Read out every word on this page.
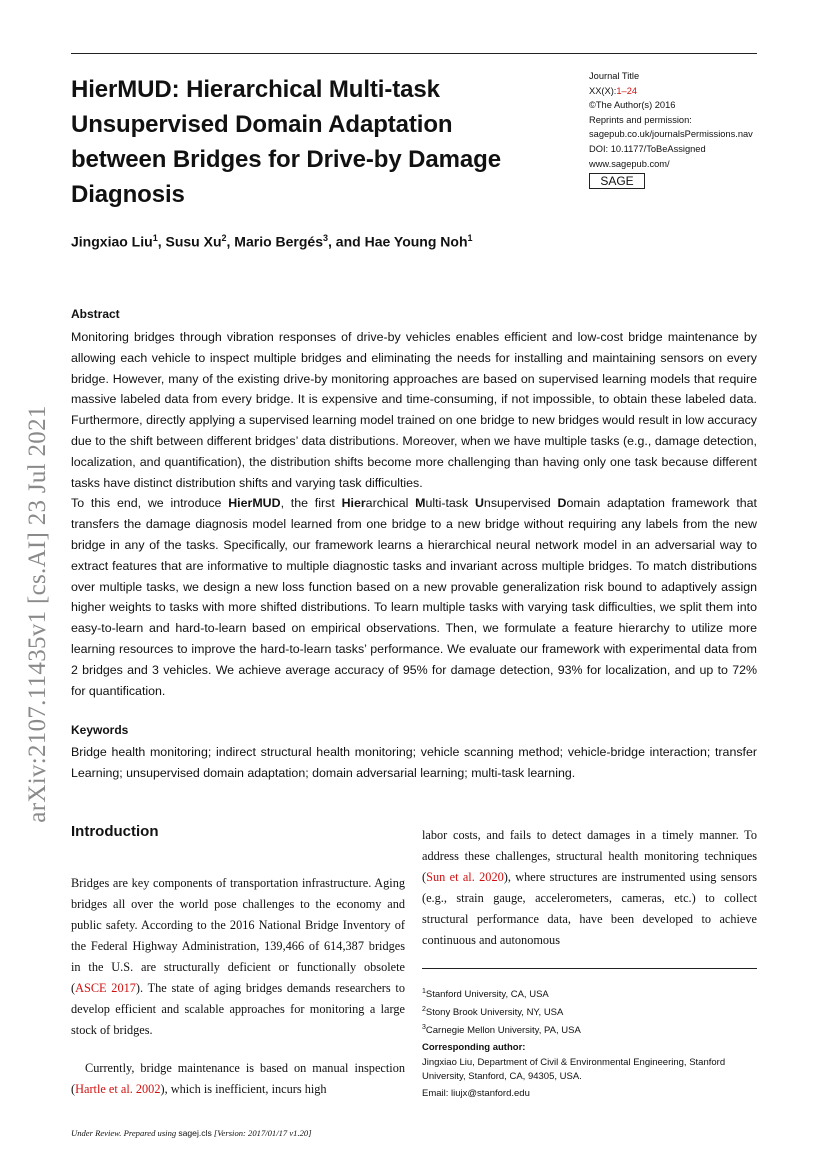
HierMUD: Hierarchical Multi-task Unsupervised Domain Adaptation between Bridges for Drive-by Damage Diagnosis
Journal Title
XX(X):1–24
©The Author(s) 2016
Reprints and permission:
sagepub.co.uk/journalsPermissions.nav
DOI: 10.1177/ToBeAssigned
www.sagepub.com/
SAGE
Jingxiao Liu$^1$, Susu Xu$^2$, Mario Bergés$^3$, and Hae Young Noh$^1$
arXiv:2107.11435v1 [cs.AI] 23 Jul 2021
Abstract

Monitoring bridges through vibration responses of drive-by vehicles enables efficient and low-cost bridge maintenance by allowing each vehicle to inspect multiple bridges and eliminating the needs for installing and maintaining sensors on every bridge. However, many of the existing drive-by monitoring approaches are based on supervised learning models that require massive labeled data from every bridge. It is expensive and time-consuming, if not impossible, to obtain these labeled data. Furthermore, directly applying a supervised learning model trained on one bridge to new bridges would result in low accuracy due to the shift between different bridges’ data distributions. Moreover, when we have multiple tasks (e.g., damage detection, localization, and quantification), the distribution shifts become more challenging than having only one task because different tasks have distinct distribution shifts and varying task difficulties.

To this end, we introduce HierMUD, the first Hierarchical Multi-task Unsupervised Domain adaptation framework that transfers the damage diagnosis model learned from one bridge to a new bridge without requiring any labels from the new bridge in any of the tasks. Specifically, our framework learns a hierarchical neural network model in an adversarial way to extract features that are informative to multiple diagnostic tasks and invariant across multiple bridges. To match distributions over multiple tasks, we design a new loss function based on a new provable generalization risk bound to adaptively assign higher weights to tasks with more shifted distributions. To learn multiple tasks with varying task difficulties, we split them into easy-to-learn and hard-to-learn based on empirical observations. Then, we formulate a feature hierarchy to utilize more learning resources to improve the hard-to-learn tasks’ performance. We evaluate our framework with experimental data from 2 bridges and 3 vehicles. We achieve average accuracy of 95% for damage detection, 93% for localization, and up to 72% for quantification.

Keywords
Bridge health monitoring; indirect structural health monitoring; vehicle scanning method; vehicle-bridge interaction; transfer Learning; unsupervised domain adaptation; domain adversarial learning; multi-task learning.
Introduction

Bridges are key components of transportation infrastructure. Aging bridges all over the world pose challenges to the economy and public safety. According to the 2016 National Bridge Inventory of the Federal Highway Administration, 139,466 of 614,387 bridges in the U.S. are structurally deficient or functionally obsolete (ASCE 2017). The state of aging bridges demands researchers to develop efficient and scalable approaches for monitoring a large stock of bridges.

Currently, bridge maintenance is based on manual inspection (Hartle et al. 2002), which is inefficient, incurs high

labor costs, and fails to detect damages in a timely manner. To address these challenges, structural health monitoring techniques (Sun et al. 2020), where structures are instrumented using sensors (e.g., strain gauge, accelerometers, cameras, etc.) to collect structural performance data, have been developed to achieve continuous and autonomous

$^1$Stanford University, CA, USA
$^2$Stony Brook University, NY, USA
$^3$Carnegie Mellon University, PA, USA
Corresponding author:
Jingxiao Liu, Department of Civil & Environmental Engineering, Stanford University, Stanford, CA, 94305, USA.
Email: liujx@stanford.edu
Under Review. Prepared using sagej.cls [Version: 2017/01/17 v1.20]
